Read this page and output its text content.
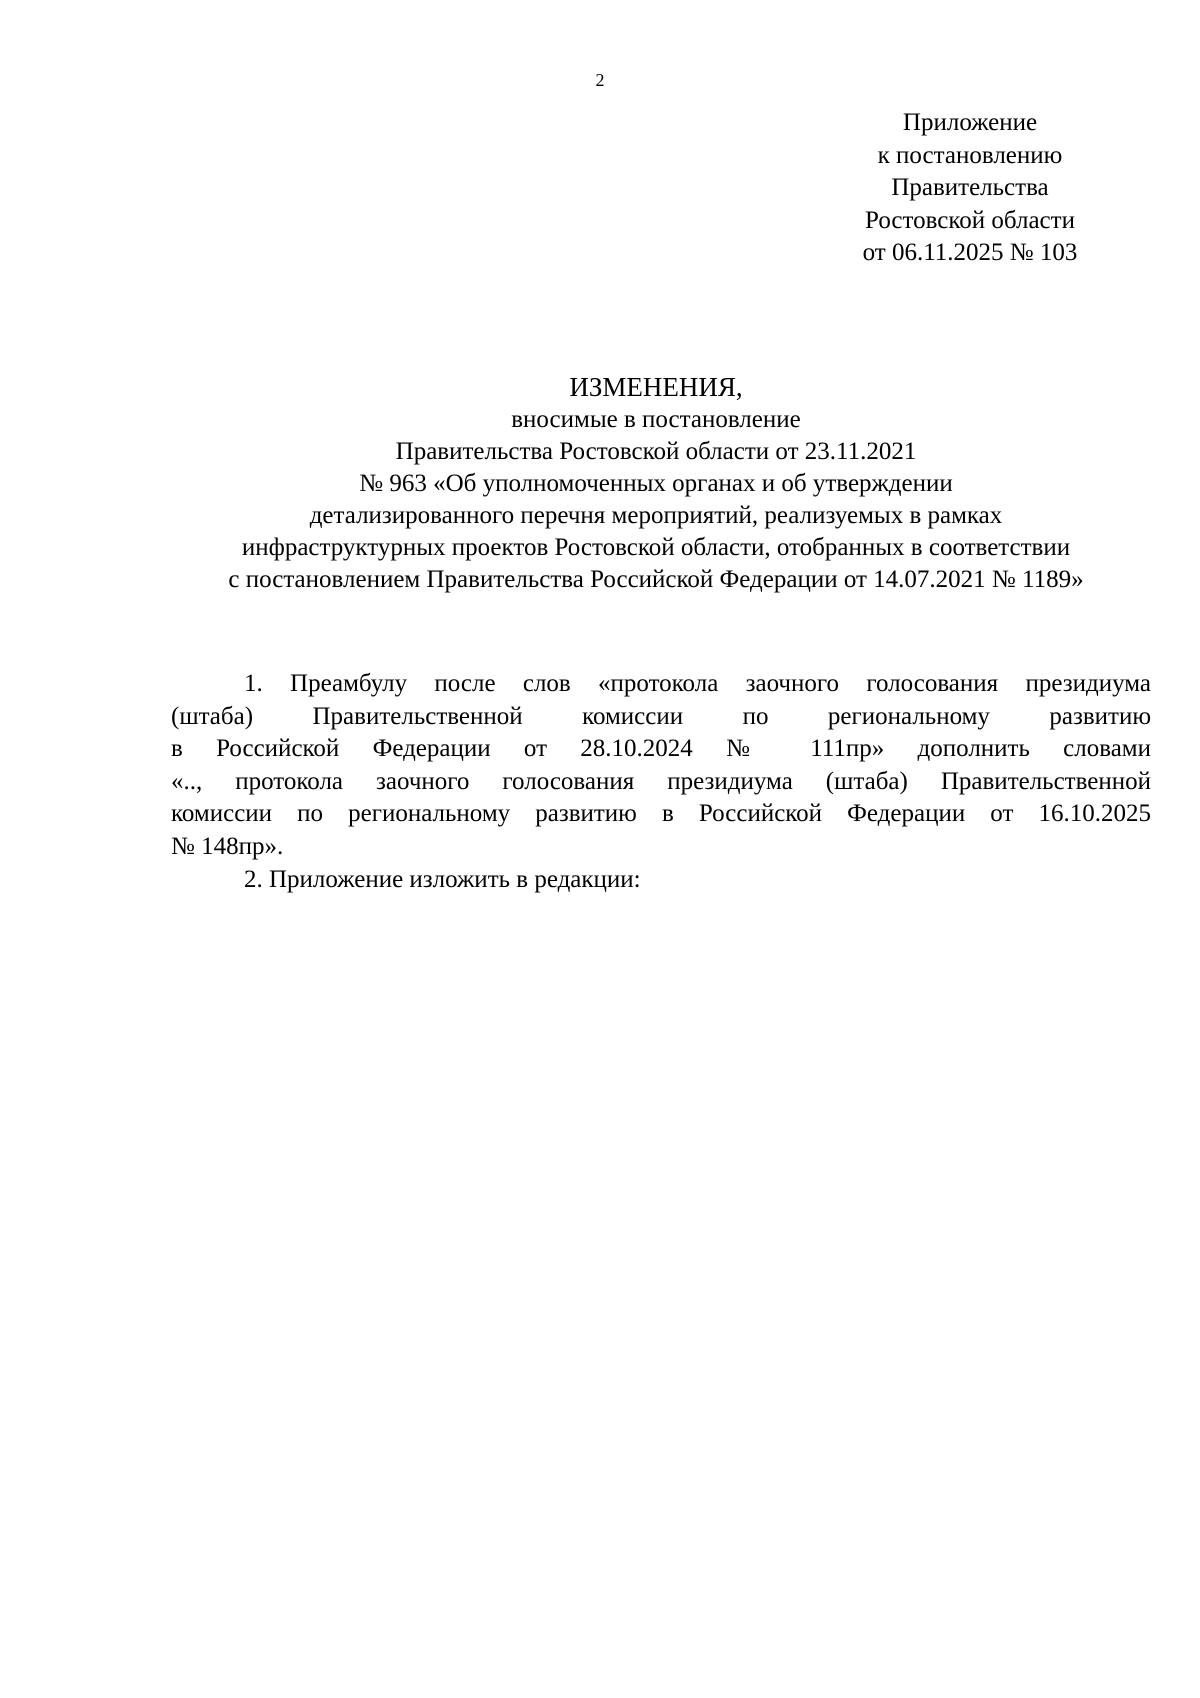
2
Приложение
к постановлению
Правительства
Ростовской области
от 06.11.2025 № 103
ИЗМЕНЕНИЯ,
вносимые в постановление
Правительства Ростовской области от 23.11.2021
№ 963 «Об уполномоченных органах и об утверждении
детализированного перечня мероприятий, реализуемых в рамках
инфраструктурных проектов Ростовской области, отобранных в соответствии
с постановлением Правительства Российской Федерации от 14.07.2021 № 1189»
1. Преамбулу после слов «протокола заочного голосования президиума
(штаба) Правительственной комиссии по региональному развитию
в Российской Федерации от 28.10.2024 № 111пр» дополнить словами
«.., протокола заочного голосования президиума (штаба) Правительственной
комиссии по региональному развитию в Российской Федерации от 16.10.2025
№ 148пр».
2. Приложение изложить в редакции:
